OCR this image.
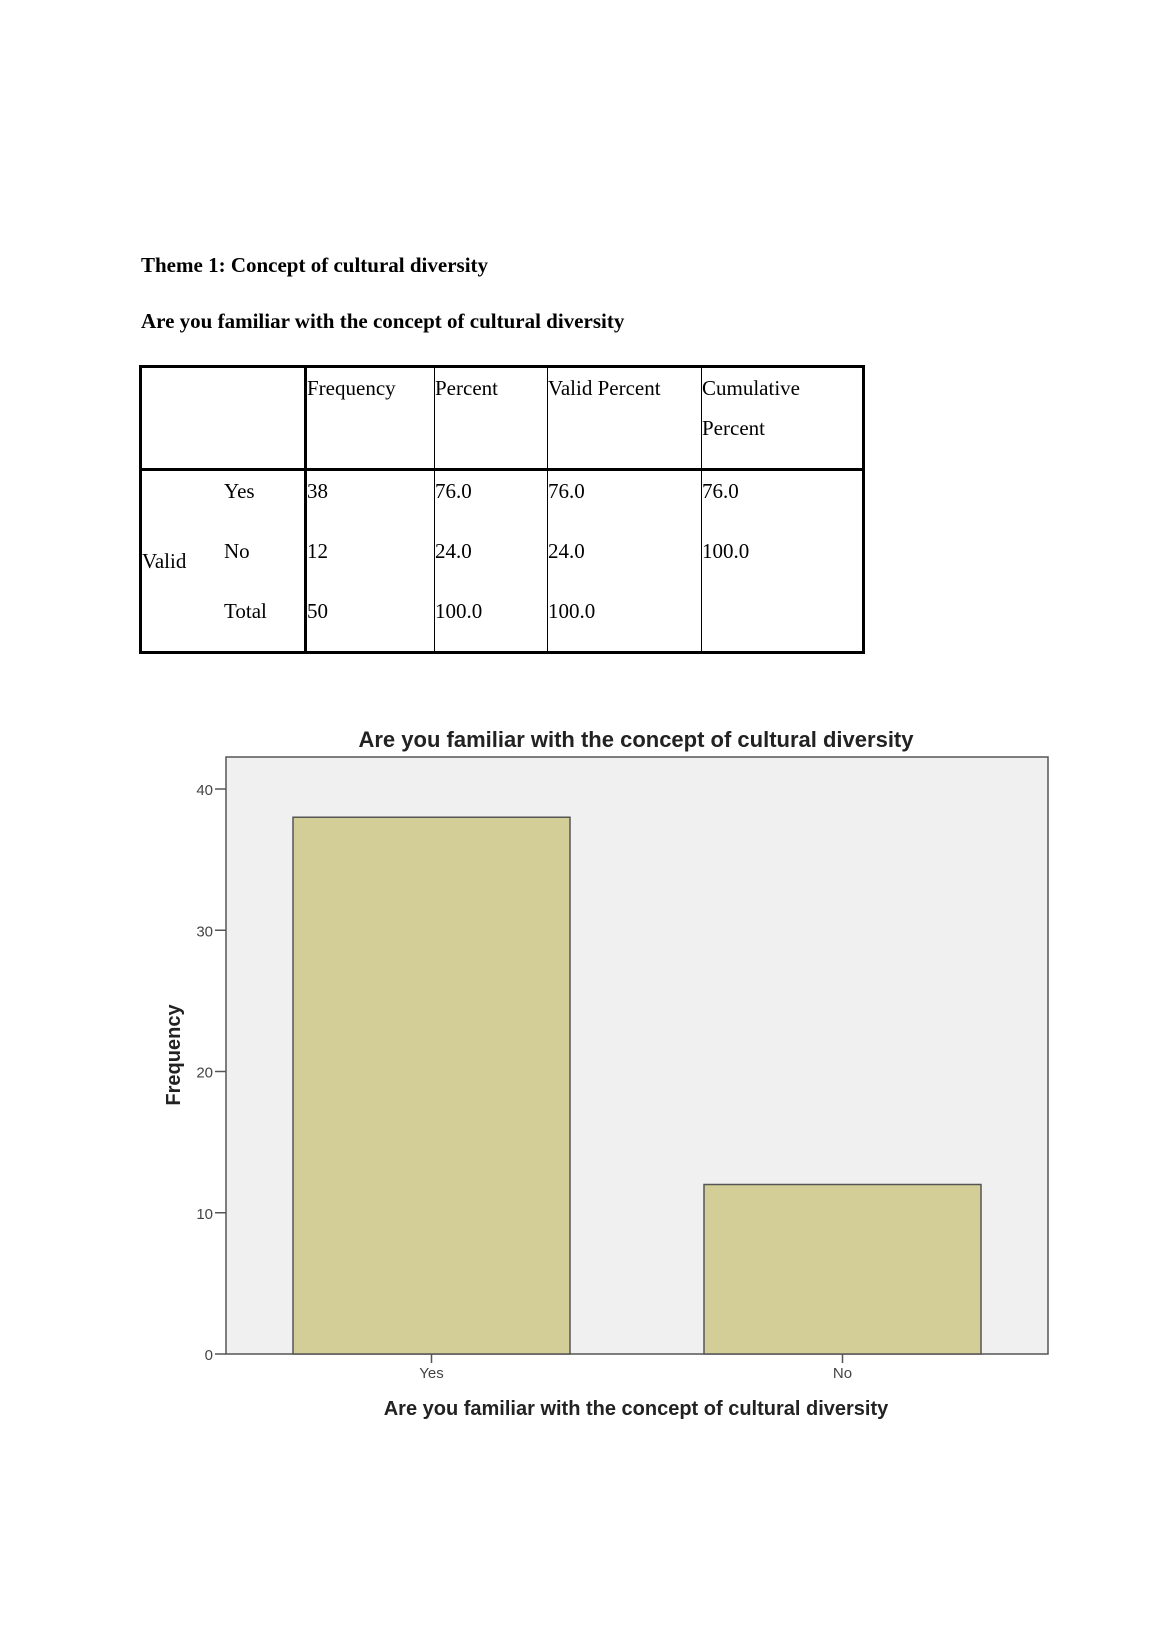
Theme 1: Concept of cultural diversity

Are you familiar with the concept of cultural diversity

		Frequency	Percent	Valid Percent	Cumulative Percent
Valid	Yes	38	76.0	76.0	76.0
	No	12	24.0	24.0	100.0
	Total	50	100.0	100.0	
Are you familiar with the concept of cultural diversity
0
10
20
30
40
Yes	No
Frequency
Are you familiar with the concept of cultural diversity
